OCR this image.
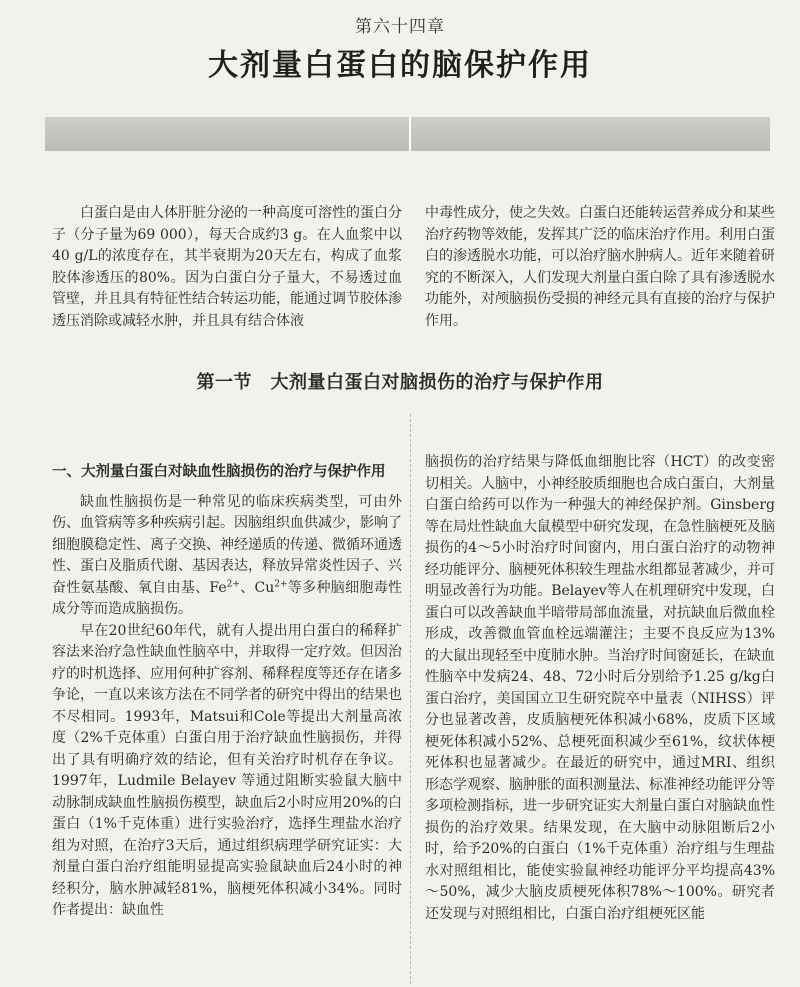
第六十四章
大剂量白蛋白的脑保护作用

白蛋白是由人体肝脏分泌的一种高度可溶性的蛋白分子（分子量为69 000），每天合成约3 g。在人血浆中以40 g/L的浓度存在，其半衰期为20天左右，构成了血浆胶体渗透压的80%。因为白蛋白分子量大，不易透过血管壁，并且具有特征性结合转运功能，能通过调节胶体渗透压消除或减轻水肿，并且具有结合体液

中毒性成分，使之失效。白蛋白还能转运营养成分和某些治疗药物等效能，发挥其广泛的临床治疗作用。利用白蛋白的渗透脱水功能，可以治疗脑水肿病人。近年来随着研究的不断深入，人们发现大剂量白蛋白除了具有渗透脱水功能外，对颅脑损伤受损的神经元具有直接的治疗与保护作用。

第一节　大剂量白蛋白对脑损伤的治疗与保护作用
一、大剂量白蛋白对缺血性脑损伤的治疗与保护作用

缺血性脑损伤是一种常见的临床疾病类型，可由外伤、血管病等多种疾病引起。因脑组织血供减少，影响了细胞膜稳定性、离子交换、神经递质的传递、微循环通透性、蛋白及脂质代谢、基因表达，释放异常炎性因子、兴奋性氨基酸、氧自由基、$Fe^{2+}$、$Cu^{2+}$等多种脑细胞毒性成分等而造成脑损伤。

早在20世纪60年代，就有人提出用白蛋白的稀释扩容法来治疗急性缺血性脑卒中，并取得一定疗效。但因治疗的时机选择、应用何种扩容剂、稀释程度等还存在诸多争论，一直以来该方法在不同学者的研究中得出的结果也不尽相同。1993年，Matsui和Cole等提出大剂量高浓度（2%千克体重）白蛋白用于治疗缺血性脑损伤，并得出了具有明确疗效的结论，但有关治疗时机存在争议。1997年，Ludmile Belayev 等通过阻断实验鼠大脑中动脉制成缺血性脑损伤模型，缺血后2小时应用20%的白蛋白（1%千克体重）进行实验治疗，选择生理盐水治疗组为对照，在治疗3天后，通过组织病理学研究证实：大剂量白蛋白治疗组能明显提高实验鼠缺血后24小时的神经积分，脑水肿减轻81%，脑梗死体积减小34%。同时作者提出：缺血性

脑损伤的治疗结果与降低血细胞比容（HCT）的改变密切相关。人脑中，小神经胶质细胞也合成白蛋白，大剂量白蛋白给药可以作为一种强大的神经保护剂。Ginsberg等在局灶性缺血大鼠模型中研究发现，在急性脑梗死及脑损伤的4～5小时治疗时间窗内，用白蛋白治疗的动物神经功能评分、脑梗死体积较生理盐水组都显著减少，并可明显改善行为功能。Belayev等人在机理研究中发现，白蛋白可以改善缺血半暗带局部血流量，对抗缺血后微血栓形成，改善微血管血栓远端灌注；主要不良反应为13%的大鼠出现轻至中度肺水肿。当治疗时间窗延长，在缺血性脑卒中发病24、48、72小时后分别给予1.25 g/kg白蛋白治疗，美国国立卫生研究院卒中量表（NIHSS）评分也显著改善，皮质脑梗死体积减小68%，皮质下区域梗死体积减小52%、总梗死面积减少至61%，纹状体梗死体积也显著减少。在最近的研究中，通过MRI、组织形态学观察、脑肿胀的面积测量法、标准神经功能评分等多项检测指标，进一步研究证实大剂量白蛋白对脑缺血性损伤的治疗效果。结果发现，在大脑中动脉阻断后2小时，给予20%的白蛋白（1%千克体重）治疗组与生理盐水对照组相比，能使实验鼠神经功能评分平均提高43%～50%，减少大脑皮质梗死体积78%～100%。研究者还发现与对照组相比，白蛋白治疗组梗死区能
